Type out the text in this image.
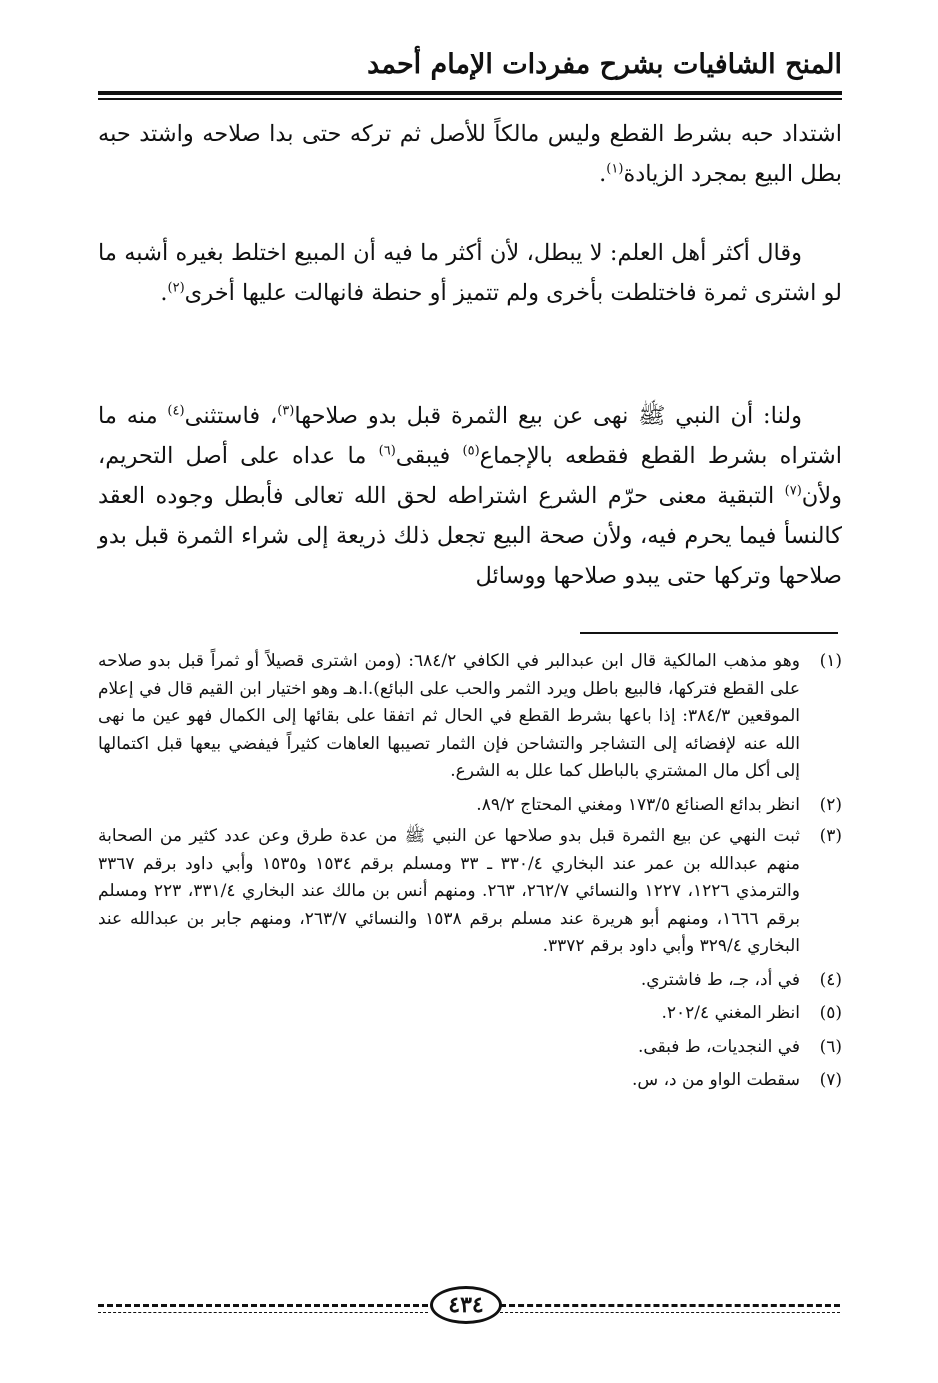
المنح الشافيات بشرح مفردات الإمام أحمد

اشتداد حبه بشرط القطع وليس مالكاً للأصل ثم تركه حتى بدا صلاحه واشتد حبه بطل البيع بمجرد الزيادة$^{(١)}$.

وقال أكثر أهل العلم: لا يبطل، لأن أكثر ما فيه أن المبيع اختلط بغيره أشبه ما لو اشترى ثمرة فاختلطت بأخرى ولم تتميز أو حنطة فانهالت عليها أخرى$^{(٢)}$.

ولنا: أن النبي ﷺ نهى عن بيع الثمرة قبل بدو صلاحها$^{(٣)}$، فاستثنى$^{(٤)}$ منه ما اشتراه بشرط القطع فقطعه بالإجماع$^{(٥)}$ فيبقى$^{(٦)}$ ما عداه على أصل التحريم، ولأن$^{(٧)}$ التبقية معنى حرّم الشرع اشتراطه لحق الله تعالى فأبطل وجوده العقد كالنسأ فيما يحرم فيه، ولأن صحة البيع تجعل ذلك ذريعة إلى شراء الثمرة قبل بدو صلاحها وتركها حتى يبدو صلاحها ووسائل

(١)
وهو مذهب المالكية قال ابن عبدالبر في الكافي ٦٨٤/٢: (ومن اشترى قصيلاً أو ثمراً قبل بدو صلاحه على القطع فتركها، فالبيع باطل ويرد الثمر والحب على البائع).ا.هـ وهو اختيار ابن القيم قال في إعلام الموقعين ٣٨٤/٣: إذا باعها بشرط القطع في الحال ثم اتفقا على بقائها إلى الكمال فهو عين ما نهى الله عنه لإفضائه إلى التشاجر والتشاحن فإن الثمار تصيبها العاهات كثيراً فيفضي بيعها قبل اكتمالها إلى أكل مال المشتري بالباطل كما علل به الشرع.
(٢)
انظر بدائع الصنائع ١٧٣/٥ ومغني المحتاج ٨٩/٢.
(٣)
ثبت النهي عن بيع الثمرة قبل بدو صلاحها عن النبي ﷺ من عدة طرق وعن عدد كثير من الصحابة منهم عبدالله بن عمر عند البخاري ٣٣٠/٤ ـ ٣٣ ومسلم برقم ١٥٣٤ و١٥٣٥ وأبي داود برقم ٣٣٦٧ والترمذي ١٢٢٦، ١٢٢٧ والنسائي ٢٦٢/٧، ٢٦٣. ومنهم أنس بن مالك عند البخاري ٣٣١/٤، ٢٢٣ ومسلم برقم ١٦٦٦، ومنهم أبو هريرة عند مسلم برقم ١٥٣٨ والنسائي ٢٦٣/٧، ومنهم جابر بن عبدالله عند البخاري ٣٢٩/٤ وأبي داود برقم ٣٣٧٢.
(٤)
في أد، جـ، ط فاشتري.
(٥)
انظر المغني ٢٠٢/٤.
(٦)
في النجديات، ط فبقى.
(٧)
سقطت الواو من د، س.
٤٣٤
